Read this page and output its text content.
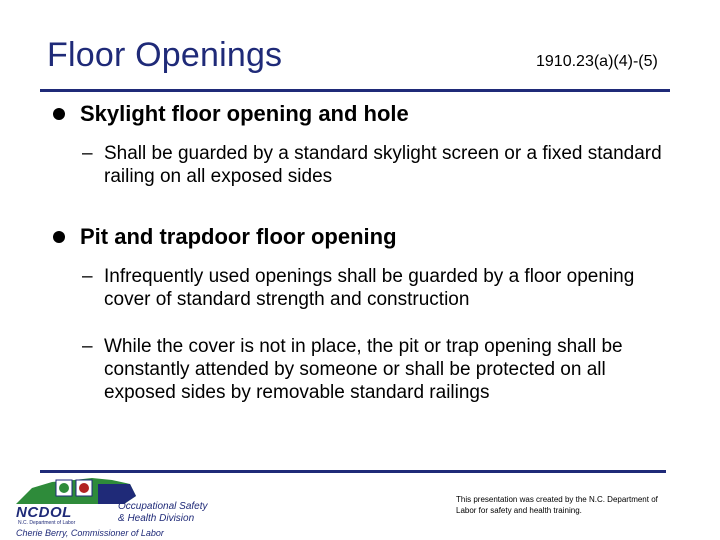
Floor Openings	1910.23(a)(4)-(5)
Skylight floor opening and hole
– Shall be guarded by a standard skylight screen or a fixed standard railing on all exposed sides
Pit and trapdoor floor opening
– Infrequently used openings shall be guarded by a floor opening cover of standard strength and construction
– While the cover is not in place, the pit or trap opening shall be constantly attended by someone or shall be protected on all exposed sides by removable standard railings
NCDOL
N.C. Department of Labor
Occupational Safety
& Health Division
Cherie Berry, Commissioner of Labor
This presentation was created by the N.C. Department of Labor for safety and health training.
